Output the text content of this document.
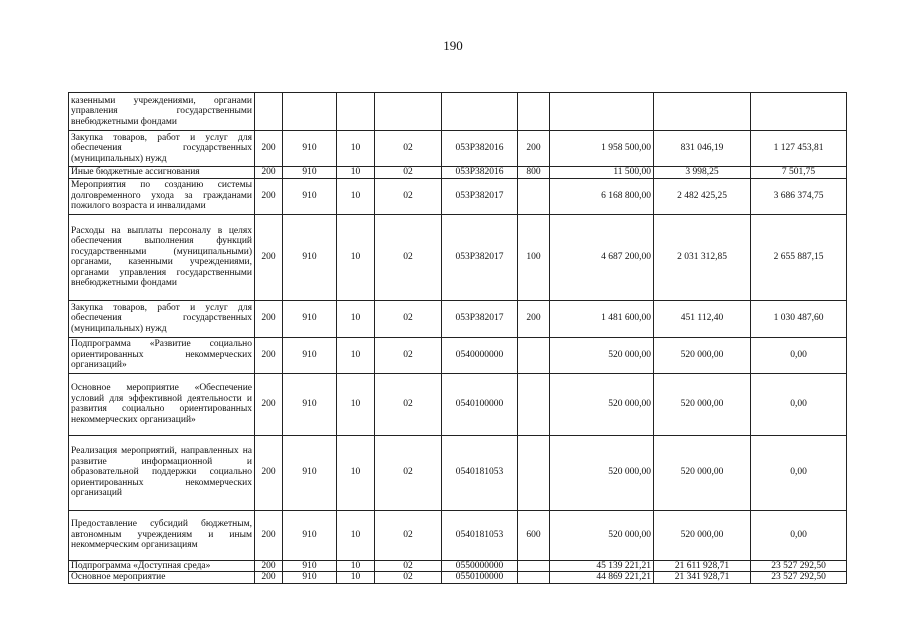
190
казенными учреждениями, органами управления государственными внебюджетными фондами									
Закупка товаров, работ и услуг для обеспечения государственных (муниципальных) нужд	200	910	10	02	053P382016	200	1 958 500,00	831 046,19	1 127 453,81
Иные бюджетные ассигнования	200	910	10	02	053P382016	800	11 500,00	3 998,25	7 501,75
Мероприятия по созданию системы долговременного ухода за гражданами пожилого возраста и инвалидами	200	910	10	02	053P382017		6 168 800,00	2 482 425,25	3 686 374,75
Расходы на выплаты персоналу в целях обеспечения выполнения функций государственными (муниципальными) органами, казенными учреждениями, органами управления государственными внебюджетными фондами	200	910	10	02	053P382017	100	4 687 200,00	2 031 312,85	2 655 887,15
Закупка товаров, работ и услуг для обеспечения государственных (муниципальных) нужд	200	910	10	02	053P382017	200	1 481 600,00	451 112,40	1 030 487,60
Подпрограмма «Развитие социально ориентированных некоммерческих организаций»	200	910	10	02	0540000000		520 000,00	520 000,00	0,00
Основное мероприятие «Обеспечение условий для эффективной деятельности и развития социально ориентированных некоммерческих организаций»	200	910	10	02	0540100000		520 000,00	520 000,00	0,00
Реализация мероприятий, направленных на развитие информационной и образовательной поддержки социально ориентированных некоммерческих организаций	200	910	10	02	0540181053		520 000,00	520 000,00	0,00
Предоставление субсидий бюджетным, автономным учреждениям и иным некоммерческим организациям	200	910	10	02	0540181053	600	520 000,00	520 000,00	0,00
Подпрограмма «Доступная среда»	200	910	10	02	0550000000		45 139 221,21	21 611 928,71	23 527 292,50
Основное мероприятие	200	910	10	02	0550100000		44 869 221,21	21 341 928,71	23 527 292,50
